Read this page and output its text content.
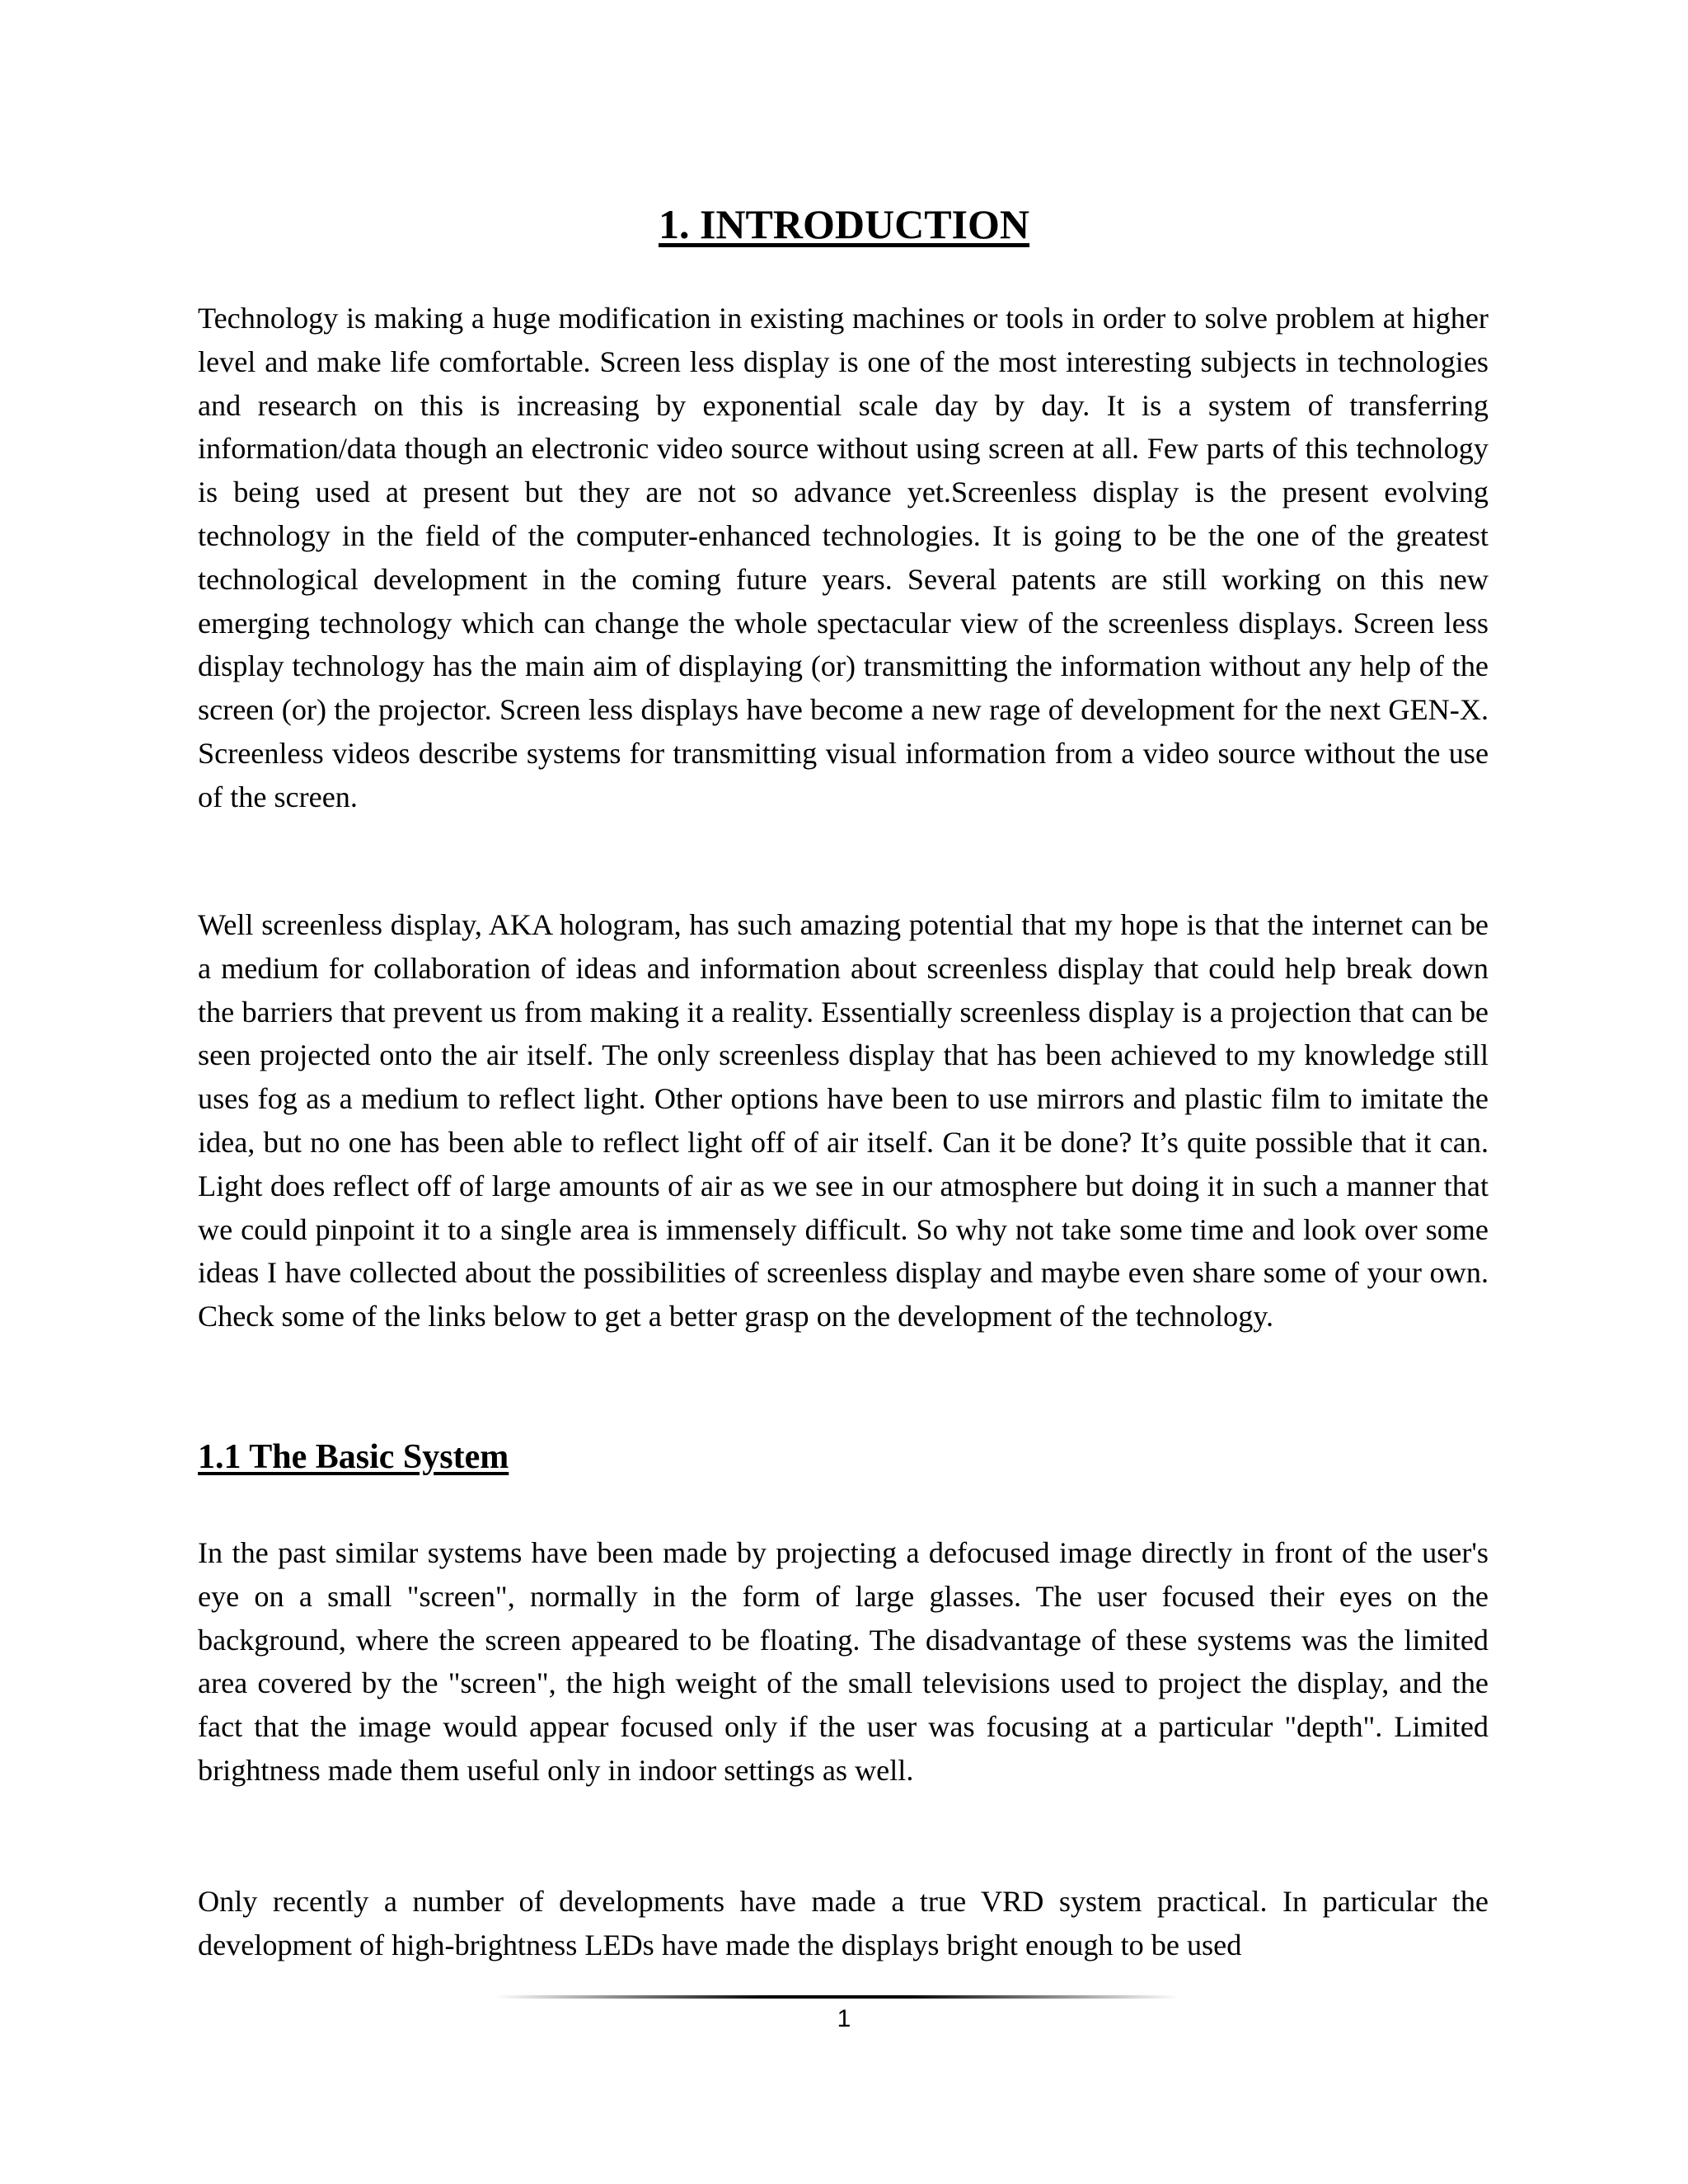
1. INTRODUCTION

Technology is making a huge modification in existing machines or tools in order to solve problem at higher level and make life comfortable. Screen less display is one of the most interesting subjects in technologies and research on this is increasing by exponential scale day by day. It is a system of transferring information/data though an electronic video source without using screen at all. Few parts of this technology is being used at present but they are not so advance yet.Screenless display is the present evolving technology in the field of the computer-enhanced technologies. It is going to be the one of the greatest technological development in the coming future years. Several patents are still working on this new emerging technology which can change the whole spectacular view of the screenless displays. Screen less display technology has the main aim of displaying (or) transmitting the information without any help of the screen (or) the projector. Screen less displays have become a new rage of development for the next GEN-X. Screenless videos describe systems for transmitting visual information from a video source without the use of the screen.

Well screenless display, AKA hologram, has such amazing potential that my hope is that the internet can be a medium for collaboration of ideas and information about screenless display that could help break down the barriers that prevent us from making it a reality. Essentially screenless display is a projection that can be seen projected onto the air itself. The only screenless display that has been achieved to my knowledge still uses fog as a medium to reflect light. Other options have been to use mirrors and plastic film to imitate the idea, but no one has been able to reflect light off of air itself. Can it be done? It’s quite possible that it can. Light does reflect off of large amounts of air as we see in our atmosphere but doing it in such a manner that we could pinpoint it to a single area is immensely difficult. So why not take some time and look over some ideas I have collected about the possibilities of screenless display and maybe even share some of your own. Check some of the links below to get a better grasp on the development of the technology.

1.1 The Basic System

In the past similar systems have been made by projecting a defocused image directly in front of the user's eye on a small "screen", normally in the form of large glasses. The user focused their eyes on the background, where the screen appeared to be floating. The disadvantage of these systems was the limited area covered by the "screen", the high weight of the small televisions used to project the display, and the fact that the image would appear focused only if the user was focusing at a particular "depth". Limited brightness made them useful only in indoor settings as well.

Only recently a number of developments have made a true VRD system practical. In particular the development of high-brightness LEDs have made the displays bright enough to be used

1
